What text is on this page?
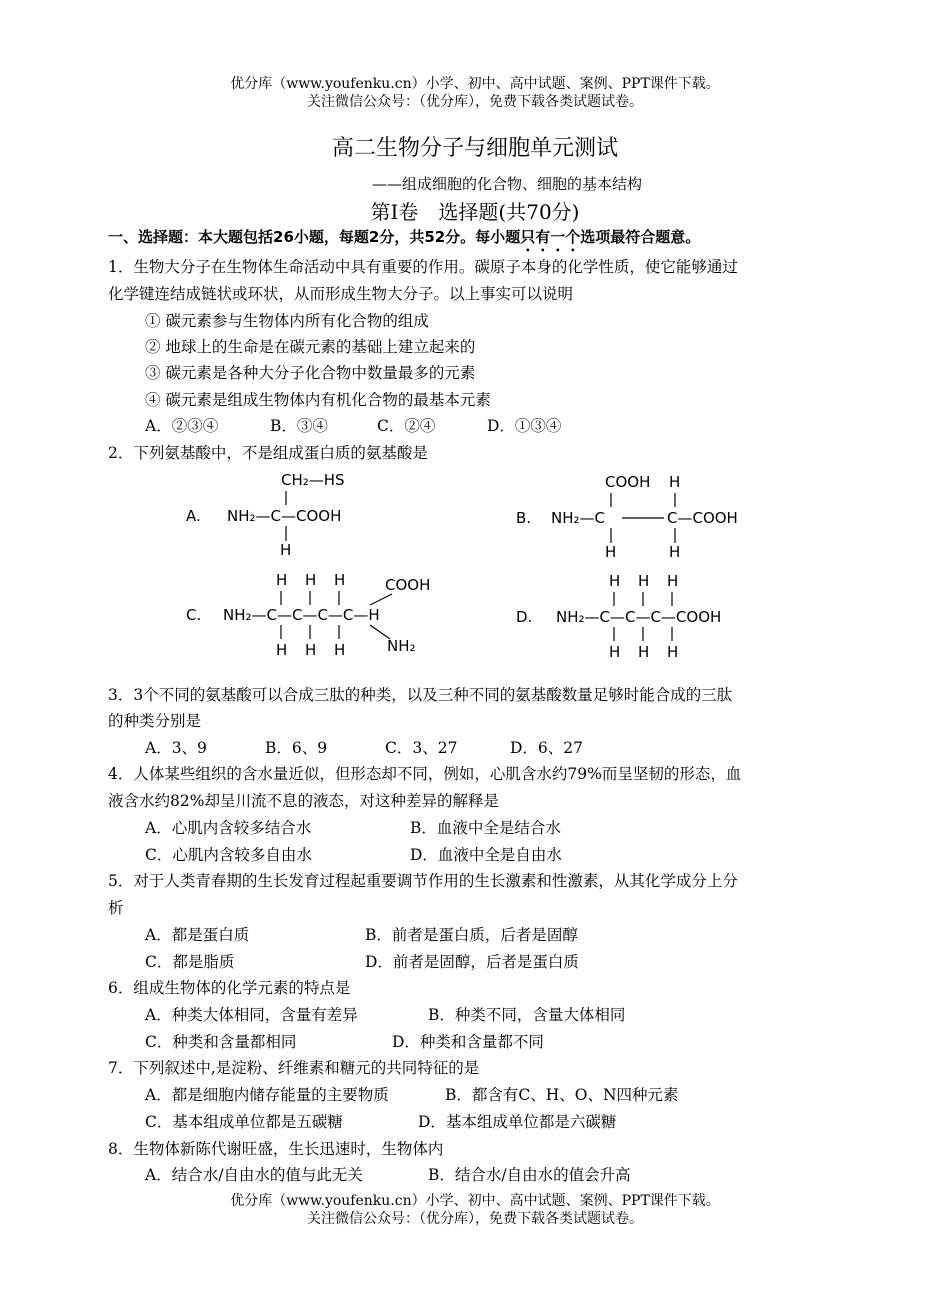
优分库（www.youfenku.cn）小学、初中、高中试题、案例、PPT课件下载。
关注微信公众号：（优分库），免费下载各类试题试卷。
高二生物分子与细胞单元测试
——组成细胞的化合物、细胞的基本结构
第Ⅰ卷　选择题(共70分)
一、选择题：本大题包括26小题，每题2分，共52分。每小题只有一个选项最符合题意。
1．生物大分子在生物体生命活动中具有重要的作用。碳原子本身的化学性质，使它能够通过
化学键连结成链状或环状，从而形成生物大分子。以上事实可以说明
① 碳元素参与生物体内所有化合物的组成
② 地球上的生命是在碳元素的基础上建立起来的
③ 碳元素是各种大分子化合物中数量最多的元素
④ 碳元素是组成生物体内有机化合物的最基本元素
A．②③④	B．③④	C．②④	D．①③④
2．下列氨基酸中，不是组成蛋白质的氨基酸是
A.
CH₂—HS
NH₂—C—COOH
H
B.
COOH H
NH₂—C	C—COOH
H	H
C.
H H H	COOH
NH₂—C—C—C—C—H
H H H	NH₂
D.
H H H
NH₂—C—C—C—COOH
H H H
3．3个不同的氨基酸可以合成三肽的种类，以及三种不同的氨基酸数量足够时能合成的三肽
的种类分别是
A．3、9	B．6、9	C．3、27	D．6、27
4．人体某些组织的含水量近似，但形态却不同，例如，心肌含水约79%而呈坚韧的形态，血
液含水约82%却呈川流不息的液态，对这种差异的解释是
A．心肌内含较多结合水	B．血液中全是结合水
C．心肌内含较多自由水	D．血液中全是自由水
5．对于人类青春期的生长发育过程起重要调节作用的生长激素和性激素，从其化学成分上分
析
A．都是蛋白质	B．前者是蛋白质，后者是固醇
C．都是脂质	D．前者是固醇，后者是蛋白质
6．组成生物体的化学元素的特点是
A．种类大体相同，含量有差异	B．种类不同，含量大体相同
C．种类和含量都相同	D．种类和含量都不同
7．下列叙述中,是淀粉、纤维素和糖元的共同特征的是
A．都是细胞内储存能量的主要物质	B．都含有C、H、O、N四种元素
C．基本组成单位都是五碳糖	D．基本组成单位都是六碳糖
8．生物体新陈代谢旺盛，生长迅速时，生物体内
A．结合水/自由水的值与此无关	B．结合水/自由水的值会升高
优分库（www.youfenku.cn）小学、初中、高中试题、案例、PPT课件下载。
关注微信公众号：（优分库），免费下载各类试题试卷。
